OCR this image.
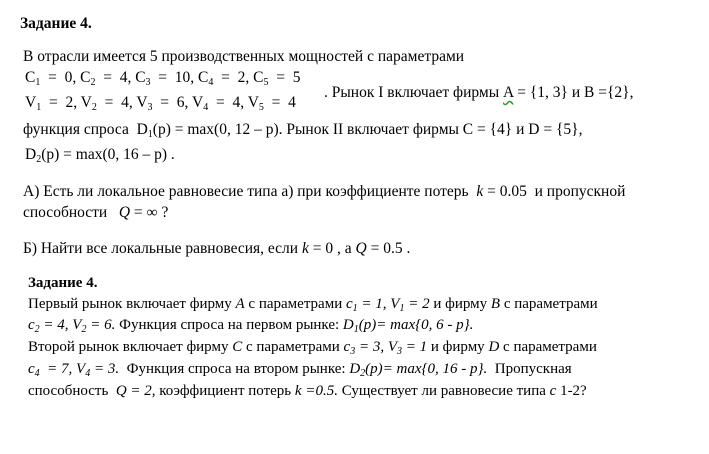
Задание 4.
В отрасли имеется 5 производственных мощностей с параметрами
$C_1 = 0$, $C_2 = 4$, $C_3 = 10$, $C_4 = 2$, $C_5 = 5$
$V_1 = 2$, $V_2 = 4$, $V_3 = 6$, $V_4 = 4$, $V_5 = 4$
. Рынок I включает фирмы A = {1, 3} и B ={2},
функция спроса $D_1(p) = \max(0$, 12 – p). Рынок II включает фирмы C = {4} и D = {5},
$D_2(p) = \max(0$, 16 – p) .
А) Есть ли локальное равновесие типа а) при коэффициенте потерь k = 0.05 и пропускной
способности Q = ∞ ?
Б) Найти все локальные равновесия, если k = 0 , а Q = 0.5 .
Задание 4.
Первый рынок включает фирму A с параметрами $c_1 = 1$, $V_1 = 2$ и фирму B с параметрами
$c_2 = 4$, $V_2 = 6$. Функция спроса на первом рынке: $D_1(p)= \max\{0$, 6 - p}.
Второй рынок включает фирму C с параметрами $c_3 = 3$, $V_3 = 1$ и фирму D с параметрами
$c_4 = 7$, $V_4 = 3$. Функция спроса на втором рынке: $D_2(p)= \max\{0$, 16 - p}. Пропускная
способность Q = 2, коэффициент потерь k =0.5. Существует ли равновесие типа c 1-2?
